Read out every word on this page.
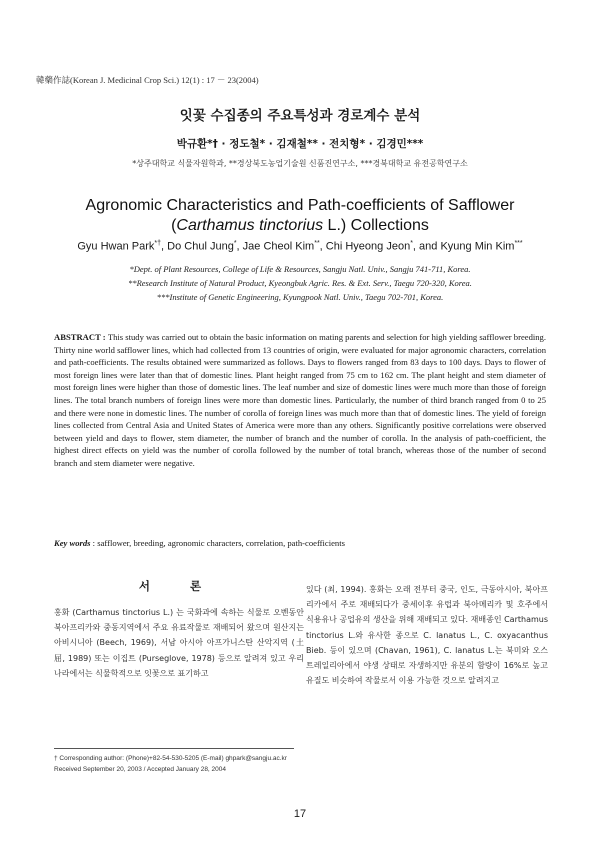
韓藥作誌(Korean J. Medicinal Crop Sci.) 12(1) : 17 － 23(2004)
잇꽃 수집종의 주요특성과 경로계수 분석
박규환*† · 정도철* · 김재철** · 전치형* · 김경민***
*상주대학교 식물자원학과, **경상북도농업기술원 신품진연구소, ***경북대학교 유전공학연구소
Agronomic Characteristics and Path-coefficients of Safflower
(Carthamus tinctorius L.) Collections
Gyu Hwan Park*†, Do Chul Jung*, Jae Cheol Kim**, Chi Hyeong Jeon*, and Kyung Min Kim***
*Dept. of Plant Resources, College of Life & Resources, Sangju Natl. Univ., Sangju 741-711, Korea.
**Research Institute of Natural Product, Kyeongbuk Agric. Res. & Ext. Serv., Taegu 720-320, Korea.
***Institute of Genetic Engineering, Kyungpook Natl. Univ., Taegu 702-701, Korea.
ABSTRACT : This study was carried out to obtain the basic information on mating parents and selection for high yielding safflower breeding. Thirty nine world safflower lines, which had collected from 13 countries of origin, were evaluated for major agronomic characters, correlation and path-coefficients. The results obtained were summarized as follows. Days to flowers ranged from 83 days to 100 days. Days to flower of most foreign lines were later than that of domestic lines. Plant height ranged from 75 cm to 162 cm. The plant height and stem diameter of most foreign lines were higher than those of domestic lines. The leaf number and size of domestic lines were much more than those of foreign lines. The total branch numbers of foreign lines were more than domestic lines. Particularly, the number of third branch ranged from 0 to 25 and there were none in domestic lines. The number of corolla of foreign lines was much more than that of domestic lines. The yield of foreign lines collected from Central Asia and United States of America were more than any others. Significantly positive correlations were observed between yield and days to flower, stem diameter, the number of branch and the number of corolla. In the analysis of path-coefficient, the highest direct effects on yield was the number of corolla followed by the number of total branch, whereas those of the number of second branch and stem diameter were negative.
Key words : safflower, breeding, agronomic characters, correlation, path-coefficients
서 론
홍화 (Carthamus tinctorius L.) 는 국화과에 속하는 식물로 오벤동안 북아프리카와 중동지역에서 주요 유료작물로 재배되어 왔으며 원산지는 아비시니아 (Beech, 1969), 서남 아시아 아프가니스탄 산악지역 (土屈, 1989) 또는 이집트 (Purseglove, 1978) 등으로 알려져 있고 우리 나라에서는 식물학적으로 잇꽃으로 표기하고
있다 (최, 1994). 홍화는 오래 전부터 중국, 인도, 극동아시아, 북아프리카에서 주로 재배되다가 중세이후 유럽과 북아메리카 및 호주에서 식용유나 공업유의 생산을 위해 재배되고 있다. 재배종인 Carthamus tinctorius L.와 유사한 종으로 C. lanatus L., C. oxyacanthus Bieb. 등이 있으며 (Chavan, 1961), C. lanatus L.는 북미와 오스트레일리아에서 야생 상태로 자생하지만 유분의 함량이 16%로 높고 유질도 비슷하여 작물로서 이용 가능한 것으로 알려지고
† Corresponding author: (Phone)+82-54-530-5205 (E-mail) ghpark@sangju.ac.kr
Received September 20, 2003 / Accepted January 28, 2004
17
